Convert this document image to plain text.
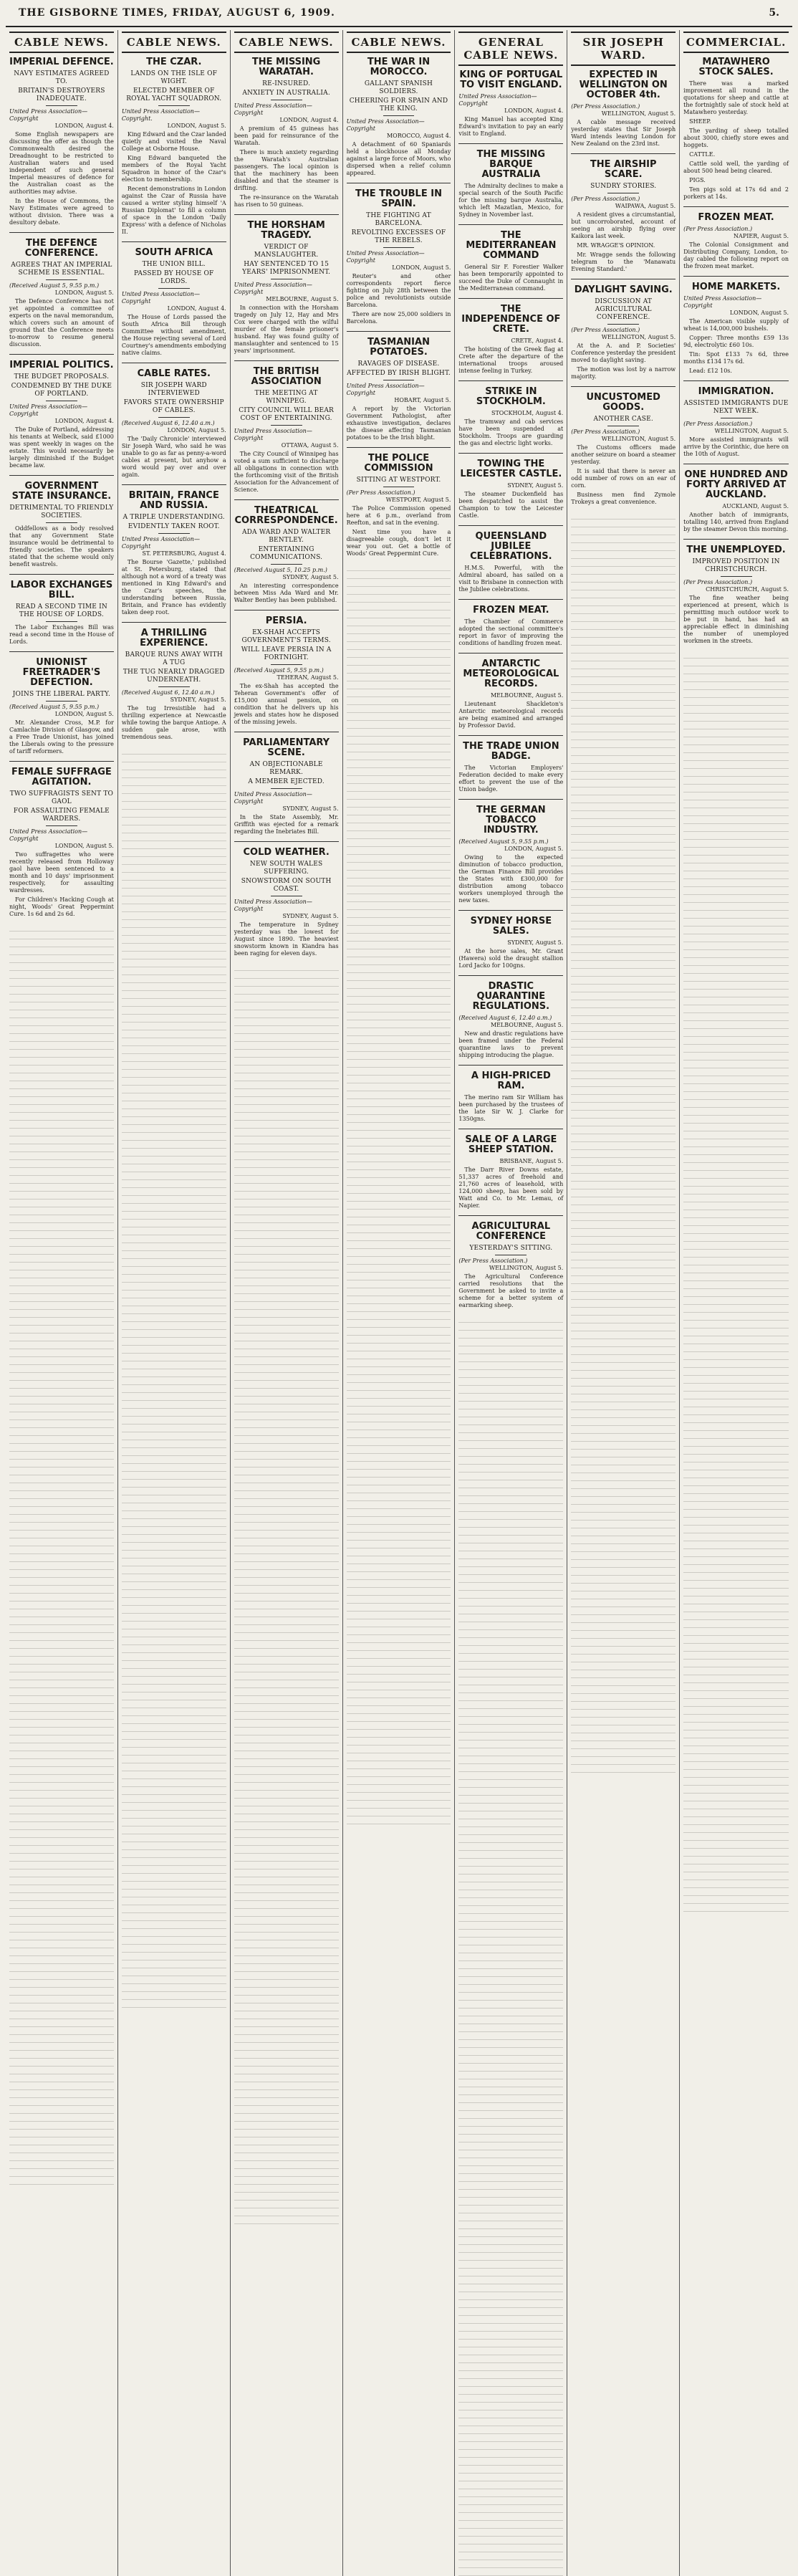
THE GISBORNE TIMES, FRIDAY, AUGUST 6, 1909.	5.
CABLE NEWS.
IMPERIAL DEFENCE.
NAVY ESTIMATES AGREED TO.
BRITAIN'S DESTROYERS INADEQUATE.
United Press Association—Copyright
LONDON, August 4.

Some English newspapers are discussing the offer as though the Commonwealth desired the Dreadnought to be restricted to Australian waters and used independent of such general Imperial measures of defence for the Australian coast as the authorities may advise.

In the House of Commons, the Navy Estimates were agreed to without division. There was a desultory debate.

THE DEFENCE CONFERENCE.
AGREES THAT AN IMPERIAL SCHEME IS ESSENTIAL.
(Received August 5, 9.55 p.m.)
LONDON, August 5.

The Defence Conference has not yet appointed a committee of experts on the naval memorandum, which covers such an amount of ground that the Conference meets to-morrow to resume general discussion.

IMPERIAL POLITICS.
THE BUDGET PROPOSALS.
CONDEMNED BY THE DUKE OF PORTLAND.
United Press Association—Copyright
LONDON, August 4.

The Duke of Portland, addressing his tenants at Welbeck, said £1000 was spent weekly in wages on the estate. This would necessarily be largely diminished if the Budget became law.

GOVERNMENT STATE INSURANCE.
DETRIMENTAL TO FRIENDLY SOCIETIES.

Oddfellows as a body resolved that any Government State insurance would be detrimental to friendly societies. The speakers stated that the scheme would only benefit wastrels.

LABOR EXCHANGES BILL.
READ A SECOND TIME IN THE HOUSE OF LORDS.

The Labor Exchanges Bill was read a second time in the House of Lords.

UNIONIST FREETRADER'S DEFECTION.
JOINS THE LIBERAL PARTY.
(Received August 5, 9.55 p.m.)
LONDON, August 5.

Mr. Alexander Cross, M.P. for Camlachie Division of Glasgow, and a Free Trade Unionist, has joined the Liberals owing to the pressure of tariff reformers.

FEMALE SUFFRAGE AGITATION.
TWO SUFFRAGISTS SENT TO GAOL
FOR ASSAULTING FEMALE WARDERS.
United Press Association—Copyright
LONDON, August 5.

Two suffragettes who were recently released from Holloway gaol have been sentenced to a month and 10 days' imprisonment respectively, for assaulting wardresses.

For Children's Hacking Cough at night, Woods' Great Peppermint Cure. 1s 6d and 2s 6d.

CABLE NEWS.
THE CZAR.
LANDS ON THE ISLE OF WIGHT.
ELECTED MEMBER OF ROYAL YACHT SQUADRON.
United Press Association—Copyright.
LONDON, August 5.

King Edward and the Czar landed quietly and visited the Naval College at Osborne House.

King Edward banqueted the members of the Royal Yacht Squadron in honor of the Czar's election to membership.

Recent demonstrations in London against the Czar of Russia have caused a writer styling himself 'A Russian Diplomat' to fill a column of space in the London 'Daily Express' with a defence of Nicholas II.

SOUTH AFRICA
THE UNION BILL.
PASSED BY HOUSE OF LORDS.
United Press Association—Copyright
LONDON, August 4.

The House of Lords passed the South Africa Bill through Committee without amendment, the House rejecting several of Lord Courtney's amendments embodying native claims.

CABLE RATES.
SIR JOSEPH WARD INTERVIEWED
FAVORS STATE OWNERSHIP OF CABLES.
(Received August 6, 12.40 a.m.)
LONDON, August 5.

The 'Daily Chronicle' interviewed Sir Joseph Ward, who said he was unable to go as far as penny-a-word cables at present, but anyhow a word would pay over and over again.

BRITAIN, FRANCE AND RUSSIA.
A TRIPLE UNDERSTANDING.
EVIDENTLY TAKEN ROOT.
United Press Association—Copyright
ST. PETERSBURG, August 4.

The Bourse 'Gazette,' published at St. Petersburg, stated that although not a word of a treaty was mentioned in King Edward's and the Czar's speeches, the understanding between Russia, Britain, and France has evidently taken deep root.

A THRILLING EXPERIENCE.
BARQUE RUNS AWAY WITH A TUG
THE TUG NEARLY DRAGGED UNDERNEATH.
(Received August 6, 12.40 a.m.)
SYDNEY, August 5.

The tug Irresistible had a thrilling experience at Newcastle while towing the barque Antiope. A sudden gale arose, with tremendous seas.

CABLE NEWS.
THE MISSING WARATAH.
RE-INSURED.
ANXIETY IN AUSTRALIA.
United Press Association—Copyright
LONDON, August 4.

A premium of 45 guineas has been paid for reinsurance of the Waratah.

There is much anxiety regarding the Waratah's Australian passengers. The local opinion is that the machinery has been disabled and that the steamer is drifting.

The re-insurance on the Waratah has risen to 50 guineas.

THE HORSHAM TRAGEDY.
VERDICT OF MANSLAUGHTER.
HAY SENTENCED TO 15 YEARS' IMPRISONMENT.
United Press Association—Copyright
MELBOURNE, August 5.

In connection with the Horsham tragedy on July 12, Hay and Mrs Cox were charged with the wilful murder of the female prisoner's husband. Hay was found guilty of manslaughter and sentenced to 15 years' imprisonment.

THE BRITISH ASSOCIATION
THE MEETING AT WINNIPEG.
CITY COUNCIL WILL BEAR COST OF ENTERTAINING.
United Press Association—Copyright
OTTAWA, August 5.

The City Council of Winnipeg has voted a sum sufficient to discharge all obligations in connection with the forthcoming visit of the British Association for the Advancement of Science.

THEATRICAL CORRESPONDENCE.
ADA WARD AND WALTER BENTLEY.
ENTERTAINING COMMUNICATIONS.
(Received August 5, 10.25 p.m.)
SYDNEY, August 5.

An interesting correspondence between Miss Ada Ward and Mr. Walter Bentley has been published.

PERSIA.
EX-SHAH ACCEPTS GOVERNMENT'S TERMS.
WILL LEAVE PERSIA IN A FORTNIGHT.
(Received August 5, 9.55 p.m.)
TEHERAN, August 5.

The ex-Shah has accepted the Teheran Government's offer of £15,000 annual pension, on condition that he delivers up his jewels and states how he disposed of the missing jewels.

PARLIAMENTARY SCENE.
AN OBJECTIONABLE REMARK.
A MEMBER EJECTED.
United Press Association—Copyright
SYDNEY, August 5.

In the State Assembly, Mr. Griffith was ejected for a remark regarding the Inebriates Bill.

COLD WEATHER.
NEW SOUTH WALES SUFFERING.
SNOWSTORM ON SOUTH COAST.
United Press Association—Copyright
SYDNEY, August 5.

The temperature in Sydney yesterday was the lowest for August since 1890. The heaviest snowstorm known in Kiandra has been raging for eleven days.

CABLE NEWS.
THE WAR IN MOROCCO.
GALLANT SPANISH SOLDIERS.
CHEERING FOR SPAIN AND THE KING.
United Press Association—Copyright
MOROCCO, August 4.

A detachment of 60 Spaniards held a blockhouse all Monday against a large force of Moors, who dispersed when a relief column appeared.

THE TROUBLE IN SPAIN.
THE FIGHTING AT BARCELONA.
REVOLTING EXCESSES OF THE REBELS.
United Press Association—Copyright
LONDON, August 5.

Reuter's and other correspondents report fierce fighting on July 28th between the police and revolutionists outside Barcelona.

There are now 25,000 soldiers in Barcelona.

TASMANIAN POTATOES.
RAVAGES OF DISEASE.
AFFECTED BY IRISH BLIGHT.
United Press Association—Copyright
HOBART, August 5.

A report by the Victorian Government Pathologist, after exhaustive investigation, declares the disease affecting Tasmanian potatoes to be the Irish blight.

THE POLICE COMMISSION
SITTING AT WESTPORT.
(Per Press Association.)
WESTPORT, August 5.

The Police Commission opened here at 6 p.m., overland from Reefton, and sat in the evening.

Next time you have a disagreeable cough, don't let it wear you out. Get a bottle of Woods' Great Peppermint Cure.

GENERAL CABLE NEWS.
KING OF PORTUGAL TO VISIT ENGLAND.
United Press Association—Copyright
LONDON, August 4.

King Manuel has accepted King Edward's invitation to pay an early visit to England.

THE MISSING BARQUE AUSTRALIA

The Admiralty declines to make a special search of the South Pacific for the missing barque Australia, which left Mazatlan, Mexico, for Sydney in November last.

THE MEDITERRANEAN COMMAND

General Sir F. Forestier Walker has been temporarily appointed to succeed the Duke of Connaught in the Mediterranean command.

THE INDEPENDENCE OF CRETE.
CRETE, August 4.

The hoisting of the Greek flag at Crete after the departure of the international troops aroused intense feeling in Turkey.

STRIKE IN STOCKHOLM.
STOCKHOLM, August 4.

The tramway and cab services have been suspended at Stockholm. Troops are guarding the gas and electric light works.

TOWING THE LEICESTER CASTLE.
SYDNEY, August 5.

The steamer Duckenfield has been despatched to assist the Champion to tow the Leicester Castle.

QUEENSLAND JUBILEE CELEBRATIONS.

H.M.S. Powerful, with the Admiral aboard, has sailed on a visit to Brisbane in connection with the Jubilee celebrations.

FROZEN MEAT.

The Chamber of Commerce adopted the sectional committee's report in favor of improving the conditions of handling frozen meat.

ANTARCTIC METEOROLOGICAL RECORDS.
MELBOURNE, August 5.

Lieutenant Shackleton's Antarctic meteorological records are being examined and arranged by Professor David.

THE TRADE UNION BADGE.

The Victorian Employers' Federation decided to make every effort to prevent the use of the Union badge.

THE GERMAN TOBACCO INDUSTRY.
(Received August 5, 9.55 p.m.)
LONDON, August 5.

Owing to the expected diminution of tobacco production, the German Finance Bill provides the States with £300,000 for distribution among tobacco workers unemployed through the new taxes.

SYDNEY HORSE SALES.
SYDNEY, August 5.

At the horse sales, Mr. Grant (Hawera) sold the draught stallion Lord Jacko for 100gns.

DRASTIC QUARANTINE REGULATIONS.
(Received August 6, 12.40 a.m.)
MELBOURNE, August 5.

New and drastic regulations have been framed under the Federal quarantine laws to prevent shipping introducing the plague.

A HIGH-PRICED RAM.

The merino ram Sir William has been purchased by the trustees of the late Sir W. J. Clarke for 1350gns.

SALE OF A LARGE SHEEP STATION.
BRISBANE, August 5.

The Darr River Downs estate, 51,337 acres of freehold and 21,760 acres of leasehold, with 124,000 sheep, has been sold by Watt and Co. to Mr. Lemau, of Napier.

AGRICULTURAL CONFERENCE
YESTERDAY'S SITTING.
(Per Press Association.)
WELLINGTON, August 5.

The Agricultural Conference carried resolutions that the Government be asked to invite a scheme for a better system of earmarking sheep.

SIR JOSEPH WARD.
EXPECTED IN WELLINGTON ON OCTOBER 4th.
(Per Press Association.)
WELLINGTON, August 5.

A cable message received yesterday states that Sir Joseph Ward intends leaving London for New Zealand on the 23rd inst.

THE AIRSHIP SCARE.
SUNDRY STORIES.
(Per Press Association.)
WAIPAWA, August 5.

A resident gives a circumstantial, but uncorroborated, account of seeing an airship flying over Kaikora last week.

MR. WRAGGE'S OPINION.

Mr. Wragge sends the following telegram to the 'Manawatu Evening Standard.'

DAYLIGHT SAVING.
DISCUSSION AT AGRICULTURAL CONFERENCE.
(Per Press Association.)
WELLINGTON, August 5.

At the A. and P. Societies' Conference yesterday the president moved to daylight saving.

The motion was lost by a narrow majority.

UNCUSTOMED GOODS.
ANOTHER CASE.
(Per Press Association.)
WELLINGTON, August 5.

The Customs officers made another seizure on board a steamer yesterday.

It is said that there is never an odd number of rows on an ear of corn.

Business men find Zymole Trokeys a great convenience.

COMMERCIAL.
MATAWHERO STOCK SALES.

There was a marked improvement all round in the quotations for sheep and cattle at the fortnightly sale of stock held at Matawhero yesterday.

SHEEP.

The yarding of sheep totalled about 3000, chiefly store ewes and hoggets.

CATTLE.

Cattle sold well, the yarding of about 500 head being cleared.

PIGS.

Ten pigs sold at 17s 6d and 2 porkers at 14s.

FROZEN MEAT.
(Per Press Association.)
NAPIER, August 5.

The Colonial Consignment and Distributing Company, London, to-day cabled the following report on the frozen meat market.

HOME MARKETS.
United Press Association—Copyright
LONDON, August 5.

The American visible supply of wheat is 14,000,000 bushels.

Copper: Three months £59 13s 9d, electrolytic £60 10s.

Tin: Spot £133 7s 6d, three months £134 17s 6d.

Lead: £12 10s.

IMMIGRATION.
ASSISTED IMMIGRANTS DUE NEXT WEEK.
(Per Press Association.)
WELLINGTON, August 5.

More assisted immigrants will arrive by the Corinthic, due here on the 10th of August.

ONE HUNDRED AND FORTY ARRIVED AT AUCKLAND.
AUCKLAND, August 5.

Another batch of immigrants, totalling 140, arrived from England by the steamer Devon this morning.

THE UNEMPLOYED.
IMPROVED POSITION IN CHRISTCHURCH.
(Per Press Association.)
CHRISTCHURCH, August 5.

The fine weather being experienced at present, which is permitting much outdoor work to be put in hand, has had an appreciable effect in diminishing the number of unemployed workmen in the streets.
